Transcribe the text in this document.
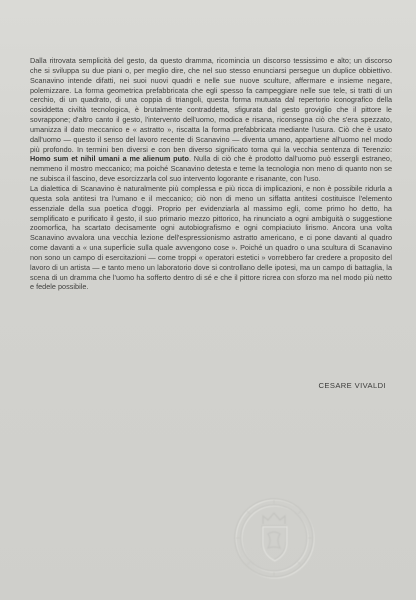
Dalla ritrovata semplicità del gesto, da questo dramma, ricomincia un discorso tessissimo e alto; un discorso che si sviluppa su due piani o, per meglio dire, che nel suo stesso enunciarsi persegue un duplice obbiettivo. Scanavino intende difatti, nei suoi nuovi quadri e nelle sue nuove sculture, affermare e insieme negare, polemizzare. La forma geometrica prefabbricata che egli spesso fa campeggiare nelle sue tele, si tratti di un cerchio, di un quadrato, di una coppia di triangoli, questa forma mutuata dal repertorio iconografico della cosiddetta civiltà tecnologica, è brutalmente contraddetta, sfigurata dal gesto groviglio che il pittore le sovrappone; d'altro canto il gesto, l'intervento dell'uomo, modica e risana, riconsegna ciò che s'era spezzato, umanizza il dato meccanico e « astratto », riscatta la forma prefabbricata mediante l'usura. Ciò che è usato dall'uomo — questo il senso del lavoro recente di Scanavino — diventa umano, appartiene all'uomo nel modo più profondo. In termini ben diversi e con ben diverso significato torna qui la vecchia sentenza di Terenzio: Homo sum et nihil umani a me alienum puto. Nulla di ciò che è prodotto dall'uomo può essergli estraneo, nemmeno il mostro meccanico; ma poiché Scanavino detesta e teme la tecnologia non meno di quanto non se ne subisca il fascino, deve esorcizzarla col suo intervento logorante e risanante, con l'uso.

La dialettica di Scanavino è naturalmente più complessa e più ricca di implicazioni, e non è possibile ridurla a questa sola antitesi tra l'umano e il meccanico; ciò non di meno un siffatta antitesi costituisce l'elemento essenziale della sua poetica d'oggi. Proprio per evidenziarla al massimo egli, come primo ho detto, ha semplificato e purificato il gesto, il suo primario mezzo pittorico, ha rinunciato a ogni ambiguità o suggestione zoomorfica, ha scartato decisamente ogni autobiografismo e ogni compiaciuto lirismo. Ancora una volta Scanavino avvalora una vecchia lezione dell'espressionismo astratto americano, e ci pone davanti al quadro come davanti a « una superficie sulla quale avvengono cose ». Poiché un quadro o una scultura di Scanavino non sono un campo di esercitazioni — come troppi « operatori estetici » vorrebbero far credere a proposito del lavoro di un artista — e tanto meno un laboratorio dove si controllano delle ipotesi, ma un campo di battaglia, la scena di un dramma che l'uomo ha sofferto dentro di sé e che il pittore ricrea con sforzo ma nel modo più netto e fedele possibile.

CESARE VIVALDI
